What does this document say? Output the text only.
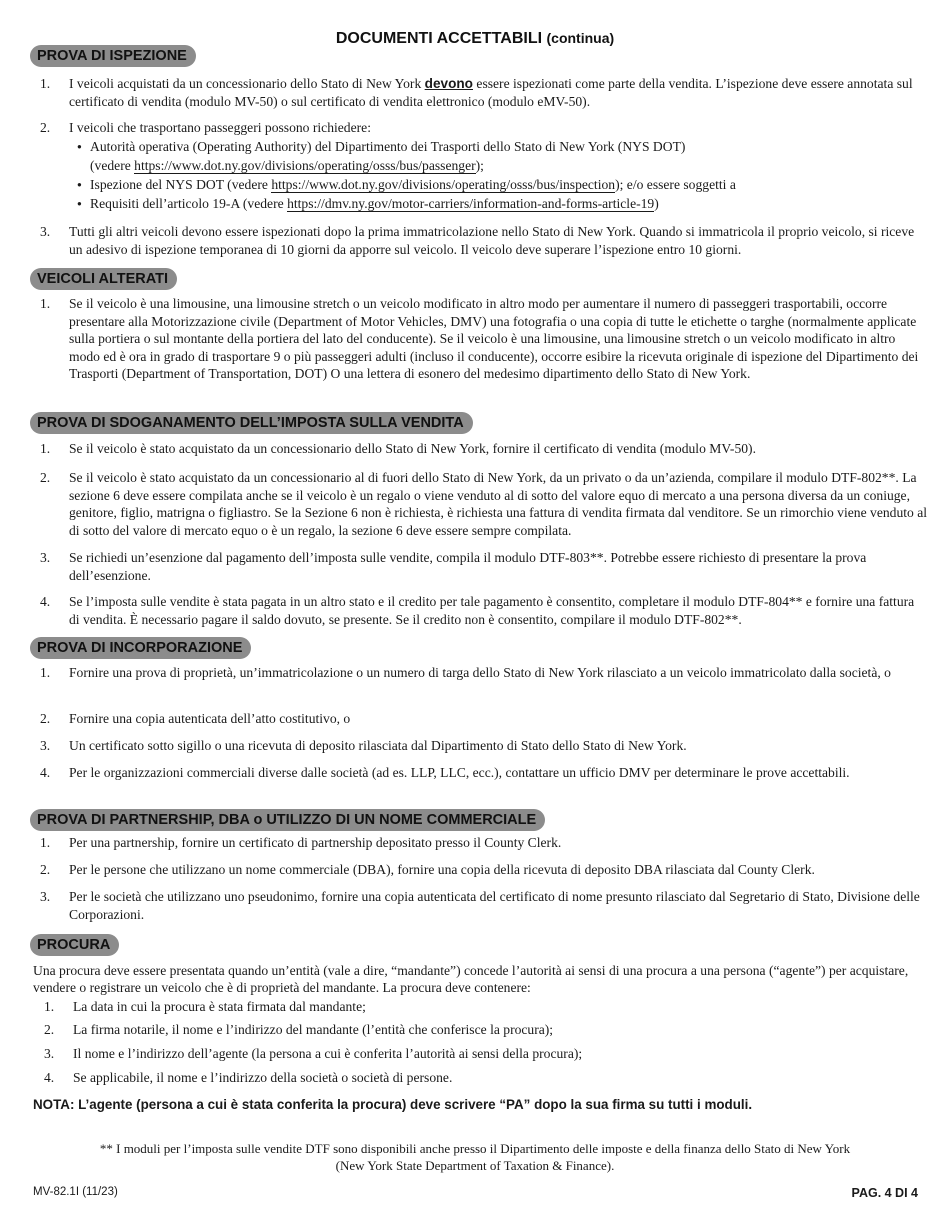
DOCUMENTI ACCETTABILI (continua)
PROVA DI ISPEZIONE
1.	I veicoli acquistati da un concessionario dello Stato di New York devono essere ispezionati come parte della vendita. L’ispezione deve essere annotata sul certificato di vendita (modulo MV-50) o sul certificato di vendita elettronico (modulo eMV-50).
2.	I veicoli che trasportano passeggeri possono richiedere:
● Autorità operativa (Operating Authority) del Dipartimento dei Trasporti dello Stato di New York (NYS DOT)
(vedere https://www.dot.ny.gov/divisions/operating/osss/bus/passenger);
● Ispezione del NYS DOT (vedere https://www.dot.ny.gov/divisions/operating/osss/bus/inspection); e/o essere soggetti a
● Requisiti dell’articolo 19-A (vedere https://dmv.ny.gov/motor-carriers/information-and-forms-article-19)
3.	Tutti gli altri veicoli devono essere ispezionati dopo la prima immatricolazione nello Stato di New York. Quando si immatricola il proprio veicolo, si riceve un adesivo di ispezione temporanea di 10 giorni da apporre sul veicolo. Il veicolo deve superare l’ispezione entro 10 giorni.
VEICOLI ALTERATI
1.	Se il veicolo è una limousine, una limousine stretch o un veicolo modificato in altro modo per aumentare il numero di passeggeri trasportabili, occorre presentare alla Motorizzazione civile (Department of Motor Vehicles, DMV) una fotografia o una copia di tutte le etichette o targhe (normalmente applicate sulla portiera o sul montante della portiera del lato del conducente). Se il veicolo è una limousine, una limousine stretch o un veicolo modificato in altro modo ed è ora in grado di trasportare 9 o più passeggeri adulti (incluso il conducente), occorre esibire la ricevuta originale di ispezione del Dipartimento dei Trasporti (Department of Transportation, DOT) O una lettera di esonero del medesimo dipartimento dello Stato di New York.
PROVA DI SDOGANAMENTO DELL’IMPOSTA SULLA VENDITA
1.	Se il veicolo è stato acquistato da un concessionario dello Stato di New York, fornire il certificato di vendita (modulo MV-50).
2.	Se il veicolo è stato acquistato da un concessionario al di fuori dello Stato di New York, da un privato o da un’azienda, compilare il modulo DTF-802**. La sezione 6 deve essere compilata anche se il veicolo è un regalo o viene venduto al di sotto del valore equo di mercato a una persona diversa da un coniuge, genitore, figlio, matrigna o figliastro. Se la Sezione 6 non è richiesta, è richiesta una fattura di vendita firmata dal venditore. Se un rimorchio viene venduto al di sotto del valore di mercato equo o è un regalo, la sezione 6 deve essere sempre compilata.
3.	Se richiedi un’esenzione dal pagamento dell’imposta sulle vendite, compila il modulo DTF-803**. Potrebbe essere richiesto di presentare la prova dell’esenzione.
4.	Se l’imposta sulle vendite è stata pagata in un altro stato e il credito per tale pagamento è consentito, completare il modulo DTF-804** e fornire una fattura di vendita. È necessario pagare il saldo dovuto, se presente. Se il credito non è consentito, compilare il modulo DTF-802**.
PROVA DI INCORPORAZIONE
1.	Fornire una prova di proprietà, un’immatricolazione o un numero di targa dello Stato di New York rilasciato a un veicolo immatricolato dalla società, o
2.	Fornire una copia autenticata dell’atto costitutivo, o
3.	Un certificato sotto sigillo o una ricevuta di deposito rilasciata dal Dipartimento di Stato dello Stato di New York.
4.	Per le organizzazioni commerciali diverse dalle società (ad es. LLP, LLC, ecc.), contattare un ufficio DMV per determinare le prove accettabili.
PROVA DI PARTNERSHIP, DBA o UTILIZZO DI UN NOME COMMERCIALE
1.	Per una partnership, fornire un certificato di partnership depositato presso il County Clerk.
2.	Per le persone che utilizzano un nome commerciale (DBA), fornire una copia della ricevuta di deposito DBA rilasciata dal County Clerk.
3.	Per le società che utilizzano uno pseudonimo, fornire una copia autenticata del certificato di nome presunto rilasciato dal Segretario di Stato, Divisione delle Corporazioni.
PROCURA
Una procura deve essere presentata quando un’entità (vale a dire, “mandante”) concede l’autorità ai sensi di una procura a una persona (“agente”) per acquistare, vendere o registrare un veicolo che è di proprietà del mandante. La procura deve contenere:
1.	La data in cui la procura è stata firmata dal mandante;
2.	La firma notarile, il nome e l’indirizzo del mandante (l’entità che conferisce la procura);
3.	Il nome e l’indirizzo dell’agente (la persona a cui è conferita l’autorità ai sensi della procura);
4.	Se applicabile, il nome e l’indirizzo della società o società di persone.
NOTA: L’agente (persona a cui è stata conferita la procura) deve scrivere “PA” dopo la sua firma su tutti i moduli.
** I moduli per l’imposta sulle vendite DTF sono disponibili anche presso il Dipartimento delle imposte e della finanza dello Stato di New York
(New York State Department of Taxation & Finance).
MV-82.1I (11/23)	PAG. 4 DI 4
